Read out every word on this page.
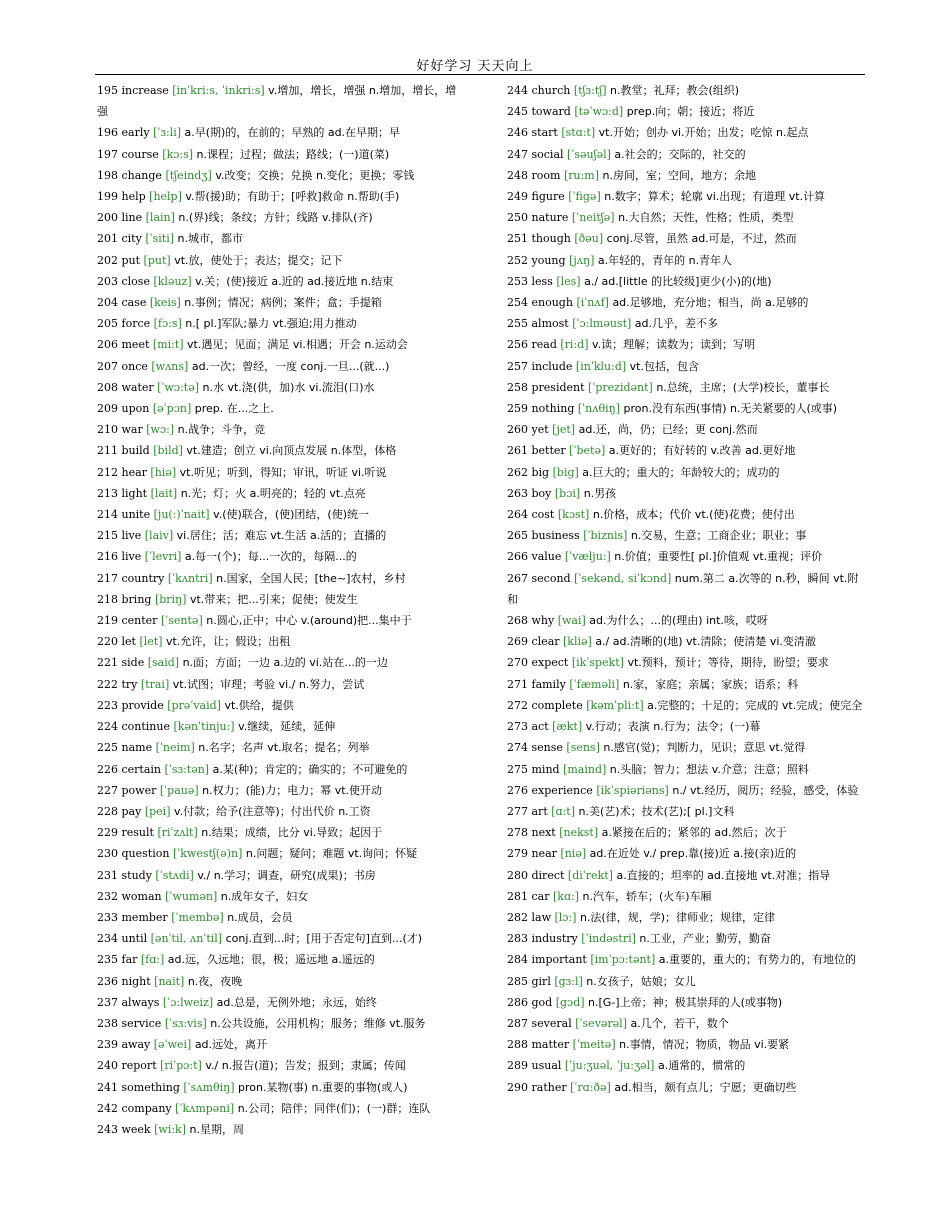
好好学习 天天向上

195 increase [inˈkri:s, ˈinkri:s] v.增加，增长，增强 n.增加，增长，增强

196 early [ˈɜ:li] a.早(期)的，在前的；早熟的 ad.在早期；早

197 course [kɔ:s] n.课程；过程；做法；路线；(一)道(菜)

198 change [tʃeindʒ] v.改变；交换；兑换 n.变化；更换；零钱

199 help [help] v.帮(援)助；有助于；[呼救]救命 n.帮助(手)

200 line [lain] n.(界)线；条纹；方针；线路 v.排队(齐)

201 city [ˈsiti] n.城市，都市

202 put [put] vt.放，使处于；表达；提交；记下

203 close [kləuz] v.关；(使)接近 a.近的 ad.接近地 n.结束

204 case [keis] n.事例；情况；病例；案件；盒；手提箱

205 force [fɔ:s] n.[ pl.]军队;暴力 vt.强迫;用力推动

206 meet [mi:t] vt.遇见；见面；满足 vi.相遇；开会 n.运动会

207 once [wʌns] ad.一次；曾经，一度 conj.一旦...(就...)

208 water [ˈwɔ:tə] n.水 vt.浇(供，加)水 vi.流泪(口)水

209 upon [əˈpɔn] prep. 在...之上.

210 war [wɔ:] n.战争；斗争，竞

211 build [bild] vt.建造；创立 vi.向顶点发展 n.体型，体格

212 hear [hiə] vt.听见；听到，得知；审讯，听证 vi.听说

213 light [lait] n.光；灯；火 a.明亮的；轻的 vt.点亮

214 unite [ju(:)ˈnait] v.(使)联合，(使)团结，(使)统一

215 live [laiv] vi.居住；活；难忘 vt.生活 a.活的；直播的

216 live [ˈlevri] a.每一(个)；每...一次的，每隔...的

217 country [ˈkʌntri] n.国家，全国人民；[the~]农村，乡村

218 bring [briŋ] vt.带来；把...引来；促使；使发生

219 center [ˈsentə] n.圆心,正中；中心 v.(around)把...集中于

220 let [let] vt.允许，让；假设；出租

221 side [said] n.面；方面；一边 a.边的 vi.站在...的一边

222 try [trai] vt.试图；审理；考验 vi./ n.努力，尝试

223 provide [prəˈvaid] vt.供给，提供

224 continue [kənˈtinju:] v.继续，延续，延伸

225 name [ˈneim] n.名字；名声 vt.取名；提名；列举

226 certain [ˈsɜ:tən] a.某(种)；肯定的；确实的；不可避免的

227 power [ˈpauə] n.权力；(能)力；电力；幂 vt.使开动

228 pay [pei] v.付款；给予(注意等)；付出代价 n.工资

229 result [riˈzʌlt] n.结果；成绩，比分 vi.导致；起因于

230 question [ˈkwestʃ(ə)n] n.问题；疑问；难题 vt.询问；怀疑

231 study [ˈstʌdi] v./ n.学习；调查，研究(成果)；书房

232 woman [ˈwumən] n.成年女子，妇女

233 member [ˈmembə] n.成员，会员

234 until [ənˈtil, ʌnˈtil] conj.直到...时；[用于否定句]直到...(才)

235 far [fɑ:] ad.远，久远地；很，极；遥远地 a.遥远的

236 night [nait] n.夜，夜晚

237 always [ˈɔ:lweiz] ad.总是，无例外地；永远，始终

238 service [ˈsɜ:vis] n.公共设施，公用机构；服务；维修 vt.服务

239 away [əˈwei] ad.远处，离开

240 report [riˈpɔ:t] v./ n.报告(道)；告发；报到；隶属；传闻

241 something [ˈsʌmθiŋ] pron.某物(事) n.重要的事物(或人)

242 company [ˈkʌmpəni] n.公司；陪伴；同伴(们)；(一)群；连队

243 week [wi:k] n.星期，周

244 church [tʃɜ:tʃ] n.教堂；礼拜；教会(组织)

245 toward [təˈwɔ:d] prep.向；朝；接近；将近

246 start [stɑ:t] vt.开始；创办 vi.开始；出发；吃惊 n.起点

247 social [ˈsəuʃəl] a.社会的；交际的，社交的

248 room [ru:m] n.房间，室；空间，地方；余地

249 figure [ˈfigə] n.数字；算术；轮廓 vi.出现；有道理 vt.计算

250 nature [ˈneitʃə] n.大自然；天性，性格；性质，类型

251 though [ðəu] conj.尽管，虽然 ad.可是，不过，然而

252 young [jʌŋ] a.年轻的，青年的 n.青年人

253 less [les] a./ ad.[little 的比较级]更少(小)的(地)

254 enough [iˈnʌf] ad.足够地，充分地；相当，尚 a.足够的

255 almost [ˈɔ:lməust] ad.几乎，差不多

256 read [ri:d] v.读；理解；读数为；读到；写明

257 include [inˈklu:d] vt.包括，包含

258 president [ˈprezidənt] n.总统，主席；(大学)校长，董事长

259 nothing [ˈnʌθiŋ] pron.没有东西(事情) n.无关紧要的人(或事)

260 yet [jet] ad.还，尚，仍；已经；更 conj.然而

261 better [ˈbetə] a.更好的；有好转的 v.改善 ad.更好地

262 big [big] a.巨大的；重大的；年龄较大的；成功的

263 boy [bɔi] n.男孩

264 cost [kɔst] n.价格，成本；代价 vt.(使)花费；使付出

265 business [ˈbiznis] n.交易，生意；工商企业；职业；事

266 value [ˈvælju:] n.价值；重要性[ pl.]价值观 vt.重视；评价

267 second [ˈsekənd, siˈkɔnd] num.第二 a.次等的 n.秒，瞬间 vt.附和

268 why [wai] ad.为什么；...的(理由) int.咳，哎呀

269 clear [kliə] a./ ad.清晰的(地) vt.清除；使清楚 vi.变清澈

270 expect [ikˈspekt] vt.预料，预计；等待，期待，盼望；要求

271 family [ˈfæməli] n.家，家庭；亲属；家族；语系；科

272 complete [kəmˈpli:t] a.完整的；十足的；完成的 vt.完成；使完全

273 act [ækt] v.行动；表演 n.行为；法令；(一)幕

274 sense [sens] n.感官(觉)；判断力，见识；意思 vt.觉得

275 mind [maind] n.头脑；智力；想法 v.介意；注意；照料

276 experience [ikˈspiəriəns] n./ vt.经历，阅历；经验，感受，体验

277 art [ɑ:t] n.美(艺)术；技术(艺);[ pl.]文科

278 next [nekst] a.紧接在后的；紧邻的 ad.然后；次于

279 near [niə] ad.在近处 v./ prep.靠(接)近 a.接(亲)近的

280 direct [diˈrekt] a.直接的；坦率的 ad.直接地 vt.对准；指导

281 car [kɑ:] n.汽车，轿车；(火车)车厢

282 law [lɔ:] n.法(律，规，学)；律师业；规律，定律

283 industry [ˈindəstri] n.工业，产业；勤劳，勤奋

284 important [imˈpɔ:tənt] a.重要的，重大的；有势力的，有地位的

285 girl [gɜ:l] n.女孩子，姑娘；女儿

286 god [gɔd] n.[G-]上帝；神；极其崇拜的人(或事物)

287 several [ˈsevərəl] a.几个，若干，数个

288 matter [ˈmeitə] n.事情，情况；物质，物品 vi.要紧

289 usual [ˈju:ʒuəl, ˈju:ʒəl] a.通常的，惯常的

290 rather [ˈrɑ:ðə] ad.相当，颇有点儿；宁愿；更确切些
